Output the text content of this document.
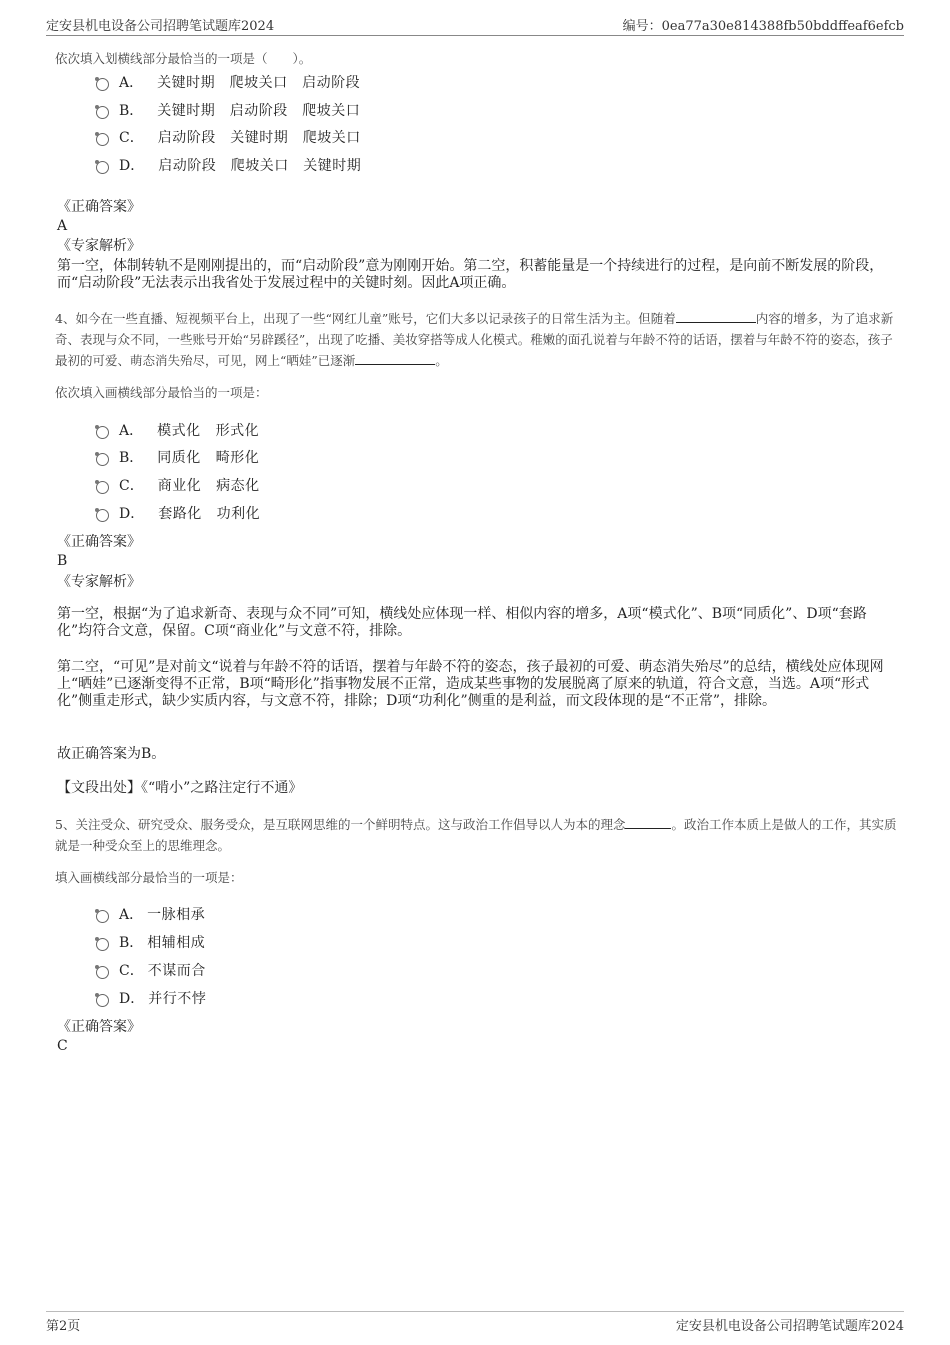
定安县机电设备公司招聘笔试题库2024	编号：0ea77a30e814388fb50bddffeaf6efcb
依次填入划横线部分最恰当的一项是（　　）。
A． 关键时期　爬坡关口　启动阶段
B． 关键时期　启动阶段　爬坡关口
C． 启动阶段　关键时期　爬坡关口
D． 启动阶段　爬坡关口　关键时期
《正确答案》
A
《专家解析》
第一空，体制转轨不是刚刚提出的，而“启动阶段”意为刚刚开始。第二空，积蓄能量是一个持续进行的过程，是向前不断发展的阶段，而“启动阶段”无法表示出我省处于发展过程中的关键时刻。因此A项正确。
4、如今在一些直播、短视频平台上，出现了一些“网红儿童”账号，它们大多以记录孩子的日常生活为主。但随着	内容的增多，为了追求新奇、表现与众不同，一些账号开始“另辟蹊径”，出现了吃播、美妆穿搭等成人化模式。稚嫩的面孔说着与年龄不符的话语，摆着与年龄不符的姿态，孩子最初的可爱、萌态消失殆尽，可见，网上“晒娃”已逐渐	。
依次填入画横线部分最恰当的一项是：
A． 模式化 形式化
B． 同质化 畸形化
C． 商业化 病态化
D． 套路化 功利化
《正确答案》
B
《专家解析》
第一空，根据“为了追求新奇、表现与众不同”可知，横线处应体现一样、相似内容的增多，A项“模式化”、B项“同质化”、D项“套路化”均符合文意，保留。C项“商业化”与文意不符，排除。
第二空，“可见”是对前文“说着与年龄不符的话语，摆着与年龄不符的姿态，孩子最初的可爱、萌态消失殆尽”的总结，横线处应体现网上“晒娃”已逐渐变得不正常，B项“畸形化”指事物发展不正常，造成某些事物的发展脱离了原来的轨道，符合文意，当选。A项“形式化”侧重走形式，缺少实质内容，与文意不符，排除；D项“功利化”侧重的是利益，而文段体现的是“不正常”，排除。
故正确答案为B。
【文段出处】《“啃小”之路注定行不通》
5、关注受众、研究受众、服务受众，是互联网思维的一个鲜明特点。这与政治工作倡导以人为本的理念	。政治工作本质上是做人的工作，其实质就是一种受众至上的思维理念。
填入画横线部分最恰当的一项是：
A． 一脉相承
B． 相辅相成
C． 不谋而合
D． 并行不悖
《正确答案》
C
第2页	定安县机电设备公司招聘笔试题库2024
